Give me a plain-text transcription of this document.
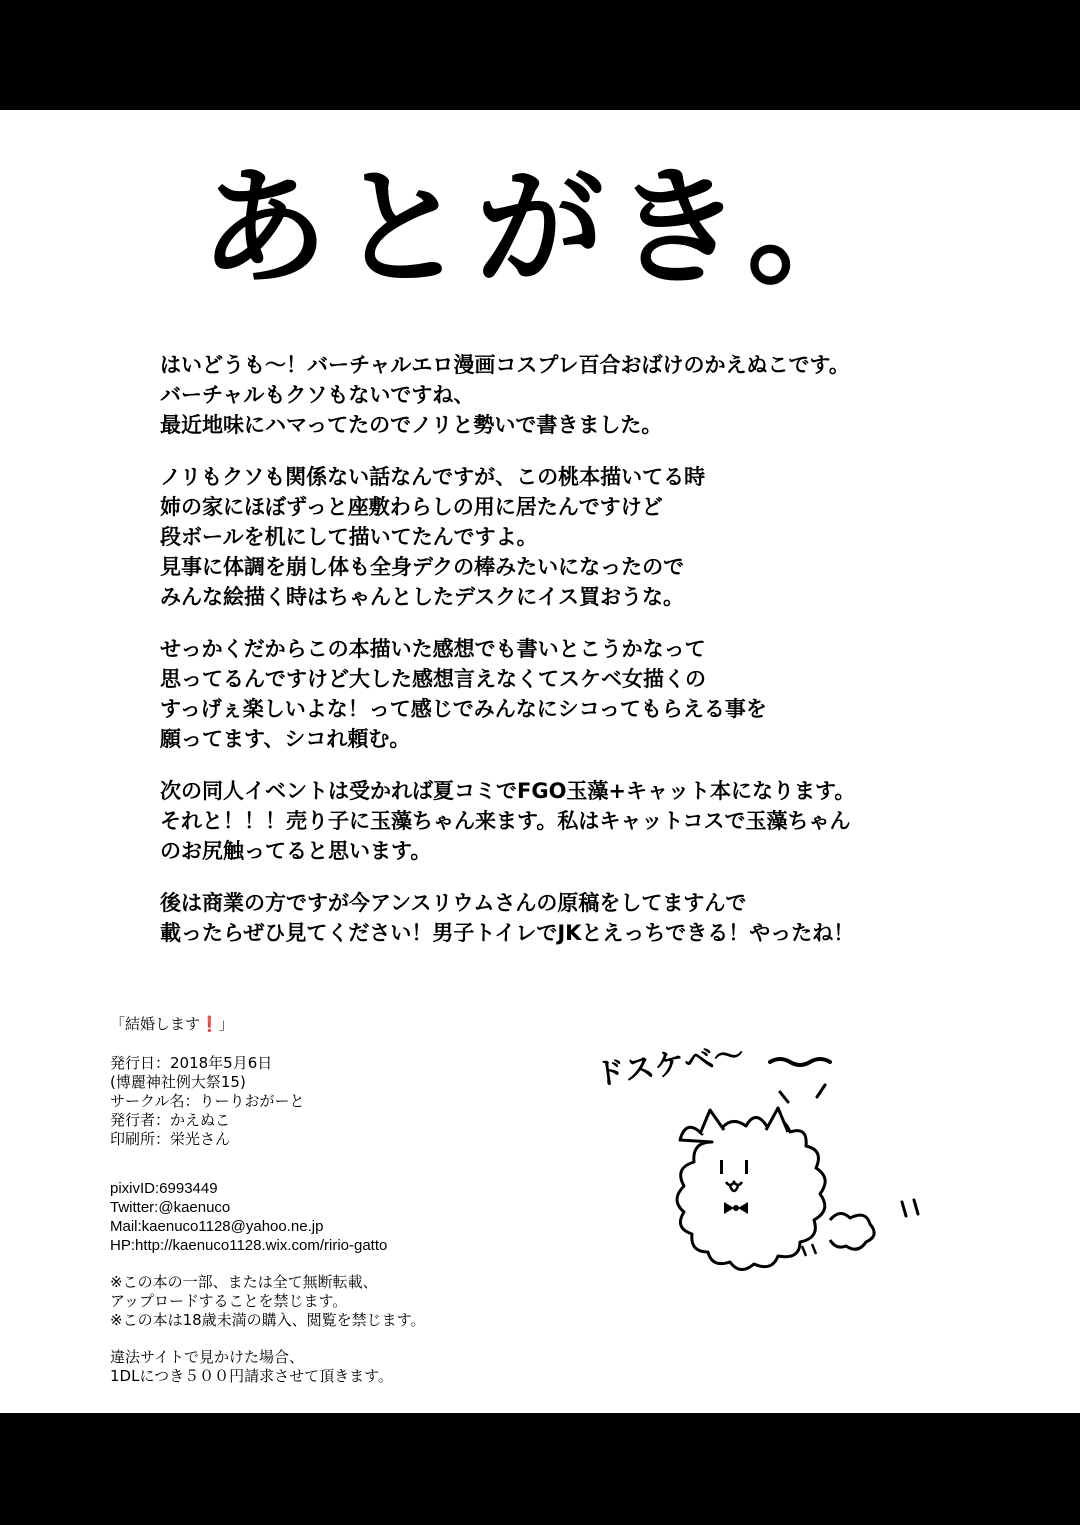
あとがき。
はいどうも〜！バーチャルエロ漫画コスプレ百合おばけのかえぬこです。
バーチャルもクソもないですね、
最近地味にハマってたのでノリと勢いで書きました。
ノリもクソも関係ない話なんですが、この桃本描いてる時
姉の家にほぼずっと座敷わらしの用に居たんですけど
段ボールを机にして描いてたんですよ。
見事に体調を崩し体も全身デクの棒みたいになったので
みんな絵描く時はちゃんとしたデスクにイス買おうな。
せっかくだからこの本描いた感想でも書いとこうかなって
思ってるんですけど大した感想言えなくてスケベ女描くの
すっげぇ楽しいよな！って感じでみんなにシコってもらえる事を
願ってます、シコれ頼む。
次の同人イベントは受かれば夏コミでFGO玉藻+キャット本になります。
それと！！！売り子に玉藻ちゃん来ます。私はキャットコスで玉藻ちゃん
のお尻触ってると思います。
後は商業の方ですが今アンスリウムさんの原稿をしてますんで
載ったらぜひ見てください！男子トイレでJKとえっちできる！やったね！
「結婚します❗」
発行日：2018年5月6日
(博麗神社例大祭15)
サークル名：りーりおがーと
発行者：かえぬこ
印刷所：栄光さん
pixivID:6993449
Twitter:@kaenuco
Mail:kaenuco1128@yahoo.ne.jp
HP:http://kaenuco1128.wix.com/ririo-gatto
※この本の一部、または全て無断転載、
アップロードすることを禁じます。
※この本は18歳未満の購入、閲覧を禁じます。
違法サイトで見かけた場合、
1DLにつき５００円請求させて頂きます。
ドスケベ〜
